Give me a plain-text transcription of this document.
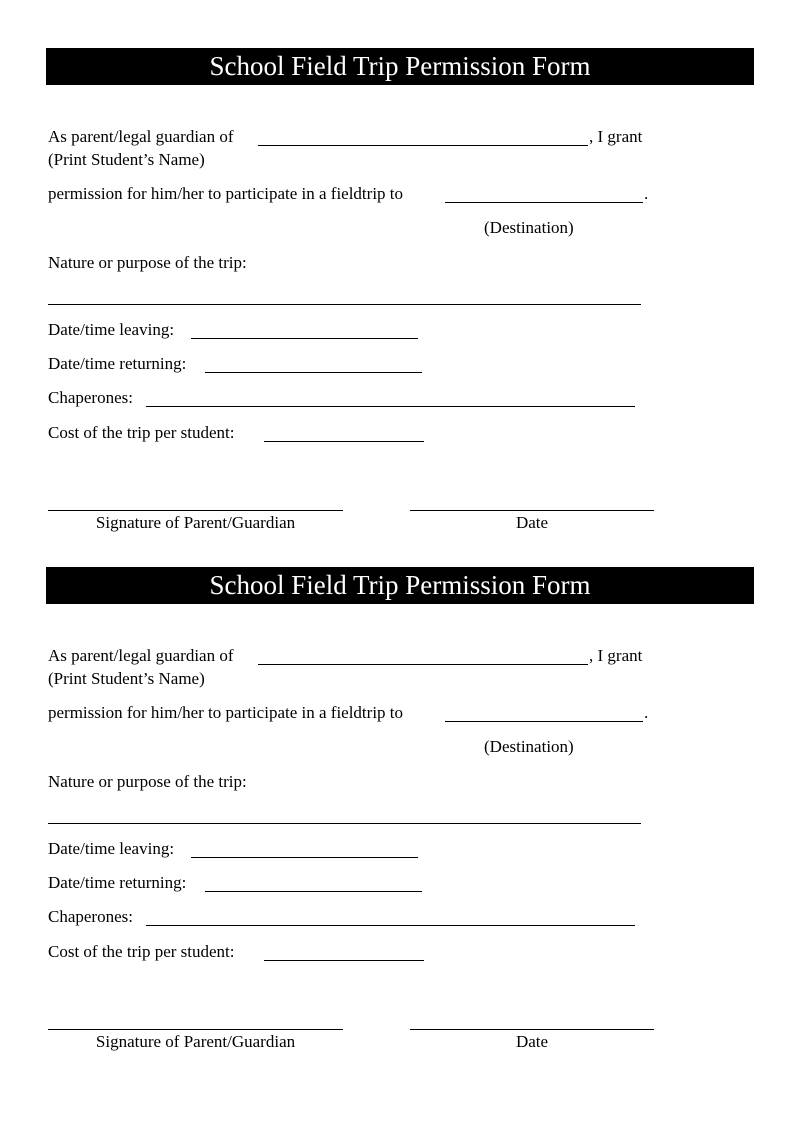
School Field Trip Permission Form
As parent/legal guardian of	, I grant
(Print Student’s Name)
permission for him/her to participate in a fieldtrip to	.
(Destination)
Nature or purpose of the trip:
Date/time leaving:
Date/time returning:
Chaperones:
Cost of the trip per student:
Signature of Parent/Guardian	Date
School Field Trip Permission Form
As parent/legal guardian of	, I grant
(Print Student’s Name)
permission for him/her to participate in a fieldtrip to	.
(Destination)
Nature or purpose of the trip:
Date/time leaving:
Date/time returning:
Chaperones:
Cost of the trip per student:
Signature of Parent/Guardian	Date
